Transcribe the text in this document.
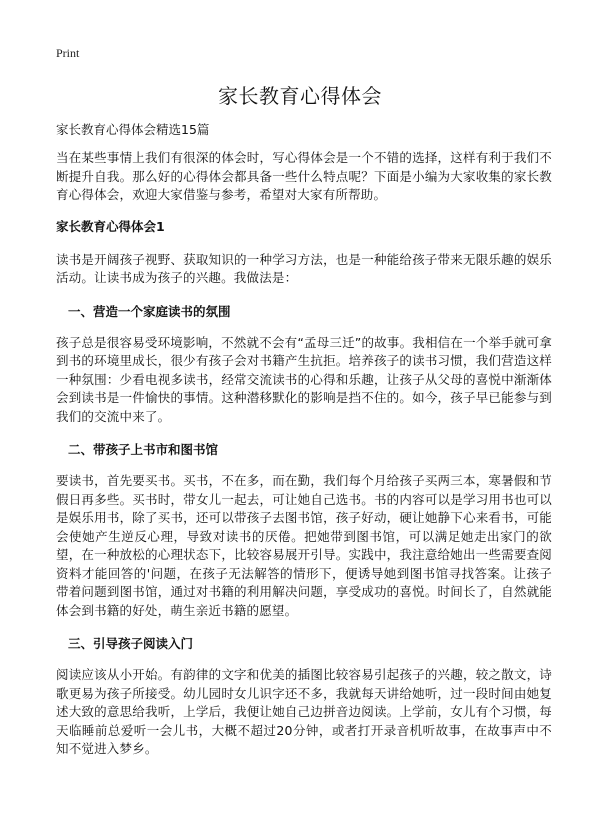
Print
家长教育心得体会
家长教育心得体会精选15篇

当在某些事情上我们有很深的体会时，写心得体会是一个不错的选择，这样有利于我们不断提升自我。那么好的心得体会都具备一些什么特点呢？下面是小编为大家收集的家长教育心得体会，欢迎大家借鉴与参考，希望对大家有所帮助。

家长教育心得体会1

读书是开阔孩子视野、获取知识的一种学习方法，也是一种能给孩子带来无限乐趣的娱乐活动。让读书成为孩子的兴趣。我做法是：

一、营造一个家庭读书的氛围

孩子总是很容易受环境影响，不然就不会有“孟母三迁”的故事。我相信在一个举手就可拿到书的环境里成长，很少有孩子会对书籍产生抗拒。培养孩子的读书习惯，我们营造这样一种氛围：少看电视多读书，经常交流读书的心得和乐趣，让孩子从父母的喜悦中渐渐体会到读书是一件愉快的事情。这种潜移默化的影响是挡不住的。如今，孩子早已能参与到我们的交流中来了。

二、带孩子上书市和图书馆

要读书，首先要买书。买书，不在多，而在勤，我们每个月给孩子买两三本，寒暑假和节假日再多些。买书时，带女儿一起去，可让她自己选书。书的内容可以是学习用书也可以是娱乐用书，除了买书，还可以带孩子去图书馆，孩子好动，硬让她静下心来看书，可能会使她产生逆反心理，导致对读书的厌倦。把她带到图书馆，可以满足她走出家门的欲望，在一种放松的心理状态下，比较容易展开引导。实践中，我注意给她出一些需要查阅资料才能回答的'问题，在孩子无法解答的情形下，便诱导她到图书馆寻找答案。让孩子带着问题到图书馆，通过对书籍的利用解决问题，享受成功的喜悦。时间长了，自然就能体会到书籍的好处，萌生亲近书籍的愿望。

三、引导孩子阅读入门

阅读应该从小开始。有韵律的文字和优美的插图比较容易引起孩子的兴趣，较之散文，诗歌更易为孩子所接受。幼儿园时女儿识字还不多，我就每天讲给她听，过一段时间由她复述大致的意思给我听，上学后，我便让她自己边拼音边阅读。上学前，女儿有个习惯，每天临睡前总爱听一会儿书，大概不超过20分钟，或者打开录音机听故事，在故事声中不知不觉进入梦乡。
